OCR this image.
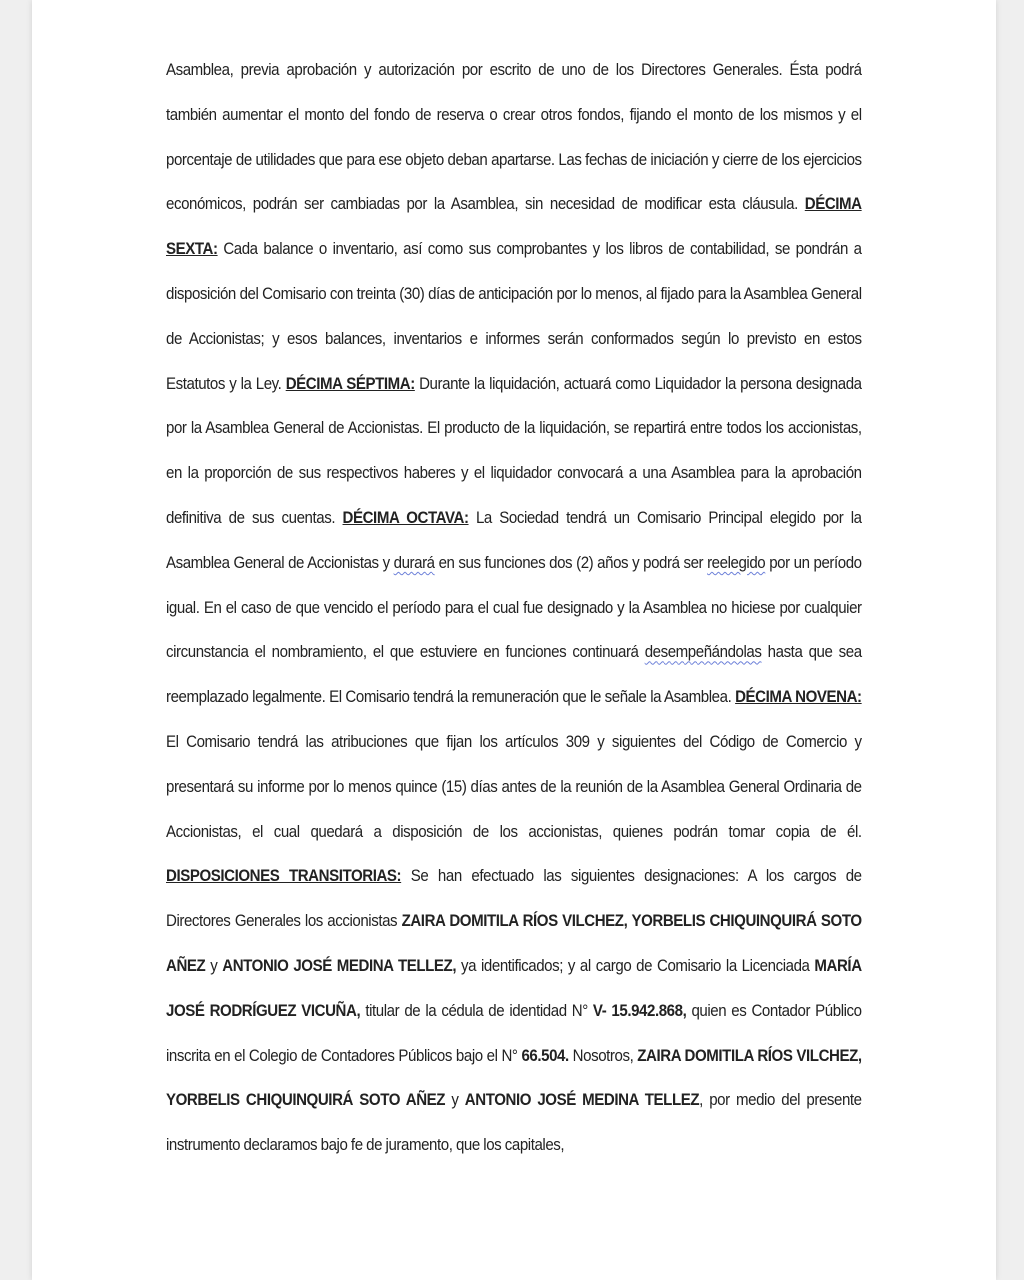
Asamblea, previa aprobación y autorización por escrito de uno de los Directores Generales. Ésta podrá también aumentar el monto del fondo de reserva o crear otros fondos, fijando el monto de los mismos y el porcentaje de utilidades que para ese objeto deban apartarse. Las fechas de iniciación y cierre de los ejercicios económicos, podrán ser cambiadas por la Asamblea, sin necesidad de modificar esta cláusula. DÉCIMA SEXTA: Cada balance o inventario, así como sus comprobantes y los libros de contabilidad, se pondrán a disposición del Comisario con treinta (30) días de anticipación por lo menos, al fijado para la Asamblea General de Accionistas; y esos balances, inventarios e informes serán conformados según lo previsto en estos Estatutos y la Ley. DÉCIMA SÉPTIMA: Durante la liquidación, actuará como Liquidador la persona designada por la Asamblea General de Accionistas. El producto de la liquidación, se repartirá entre todos los accionistas, en la proporción de sus respectivos haberes y el liquidador convocará a una Asamblea para la aprobación definitiva de sus cuentas. DÉCIMA OCTAVA: La Sociedad tendrá un Comisario Principal elegido por la Asamblea General de Accionistas y durará en sus funciones dos (2) años y podrá ser reelegido por un período igual. En el caso de que vencido el período para el cual fue designado y la Asamblea no hiciese por cualquier circunstancia el nombramiento, el que estuviere en funciones continuará desempeñándolas hasta que sea reemplazado legalmente. El Comisario tendrá la remuneración que le señale la Asamblea. DÉCIMA NOVENA: El Comisario tendrá las atribuciones que fijan los artículos 309 y siguientes del Código de Comercio y presentará su informe por lo menos quince (15) días antes de la reunión de la Asamblea General Ordinaria de Accionistas, el cual quedará a disposición de los accionistas, quienes podrán tomar copia de él. DISPOSICIONES TRANSITORIAS: Se han efectuado las siguientes designaciones: A los cargos de Directores Generales los accionistas ZAIRA DOMITILA RÍOS VILCHEZ, YORBELIS CHIQUINQUIRÁ SOTO AÑEZ y ANTONIO JOSÉ MEDINA TELLEZ, ya identificados; y al cargo de Comisario la Licenciada MARÍA JOSÉ RODRÍGUEZ VICUÑA, titular de la cédula de identidad N° V- 15.942.868, quien es Contador Público inscrita en el Colegio de Contadores Públicos bajo el N° 66.504. Nosotros, ZAIRA DOMITILA RÍOS VILCHEZ, YORBELIS CHIQUINQUIRÁ SOTO AÑEZ y ANTONIO JOSÉ MEDINA TELLEZ, por medio del presente instrumento declaramos bajo fe de juramento, que los capitales,
